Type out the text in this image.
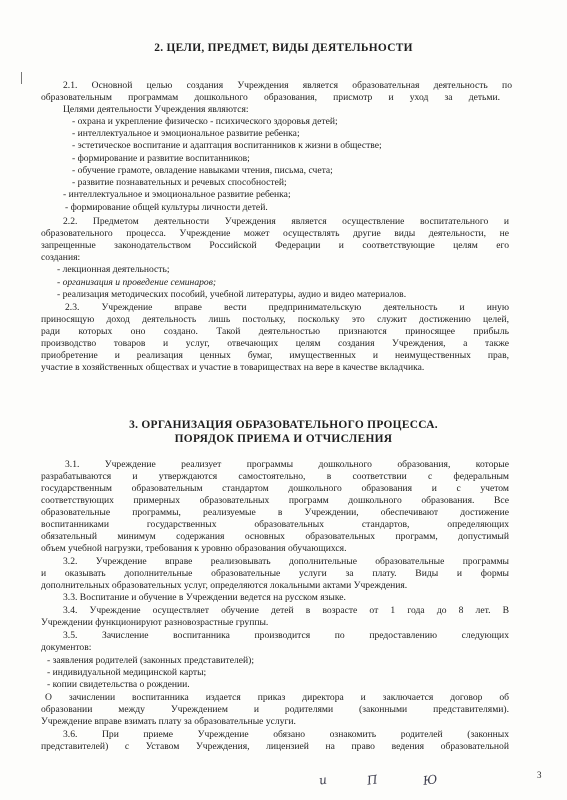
2. ЦЕЛИ, ПРЕДМЕТ, ВИДЫ ДЕЯТЕЛЬНОСТИ
2.1. Основной целью создания Учреждения является образовательная деятельность по
образовательным программам дошкольного образования, присмотр и уход за детьми.
Целями деятельности Учреждения являются:
- охрана и укрепление физическо - психического здоровья детей;
- интеллектуальное и эмоциональное развитие ребенка;
- эстетическое воспитание и адаптация воспитанников к жизни в обществе;
- формирование и развитие воспитанников;
- обучение грамоте, овладение навыками чтения, письма, счета;
- развитие познавательных и речевых способностей;
- интеллектуальное и эмоциональное развитие ребенка;
- формирование общей культуры личности детей.
2.2. Предметом деятельности Учреждения является осуществление воспитательного и
образовательного процесса. Учреждение может осуществлять другие виды деятельности, не
запрещенные законодательством Российской Федерации и соответствующие целям его
создания:
- лекционная деятельность;
- организация и проведение семинаров;
- реализация методических пособий, учебной литературы, аудио и видео материалов.
2.3. Учреждение вправе вести предпринимательскую деятельность и иную
приносящую доход деятельность лишь постольку, поскольку это служит достижению целей,
ради которых оно создано. Такой деятельностью признаются приносящее прибыль
производство товаров и услуг, отвечающих целям создания Учреждения, а также
приобретение и реализация ценных бумаг, имущественных и неимущественных прав,
участие в хозяйственных обществах и участие в товариществах на вере в качестве вкладчика.
3. ОРГАНИЗАЦИЯ ОБРАЗОВАТЕЛЬНОГО ПРОЦЕССА.
ПОРЯДОК ПРИЕМА И ОТЧИСЛЕНИЯ
3.1. Учреждение реализует программы дошкольного образования, которые
разрабатываются и утверждаются самостоятельно, в соответствии с федеральным
государственным образовательным стандартом дошкольного образования и с учетом
соответствующих примерных образовательных программ дошкольного образования. Все
образовательные программы, реализуемые в Учреждении, обеспечивают достижение
воспитанниками государственных образовательных стандартов, определяющих
обязательный минимум содержания основных образовательных программ, допустимый
объем учебной нагрузки, требования к уровню образования обучающихся.
3.2. Учреждение вправе реализовывать дополнительные образовательные программы
и оказывать дополнительные образовательные услуги за плату. Виды и формы
дополнительных образовательных услуг, определяются локальными актами Учреждения.
3.3. Воспитание и обучение в Учреждении ведется на русском языке.
3.4. Учреждение осуществляет обучение детей в возрасте от 1 года до 8 лет. В
Учреждении функционируют разновозрастные группы.
3.5. Зачисление воспитанника производится по предоставлению следующих
документов:
- заявления родителей (законных представителей);
- индивидуальной медицинской карты;
- копии свидетельства о рождении.
О зачислении воспитанника издается приказ директора и заключается договор об
образовании между Учреждением и родителями (законными представителями).
Учреждение вправе взимать плату за образовательные услуги.
3.6. При приеме Учреждение обязано ознакомить родителей (законных
представителей) с Уставом Учреждения, лицензией на право ведения образовательной
и	П	Ю	3
